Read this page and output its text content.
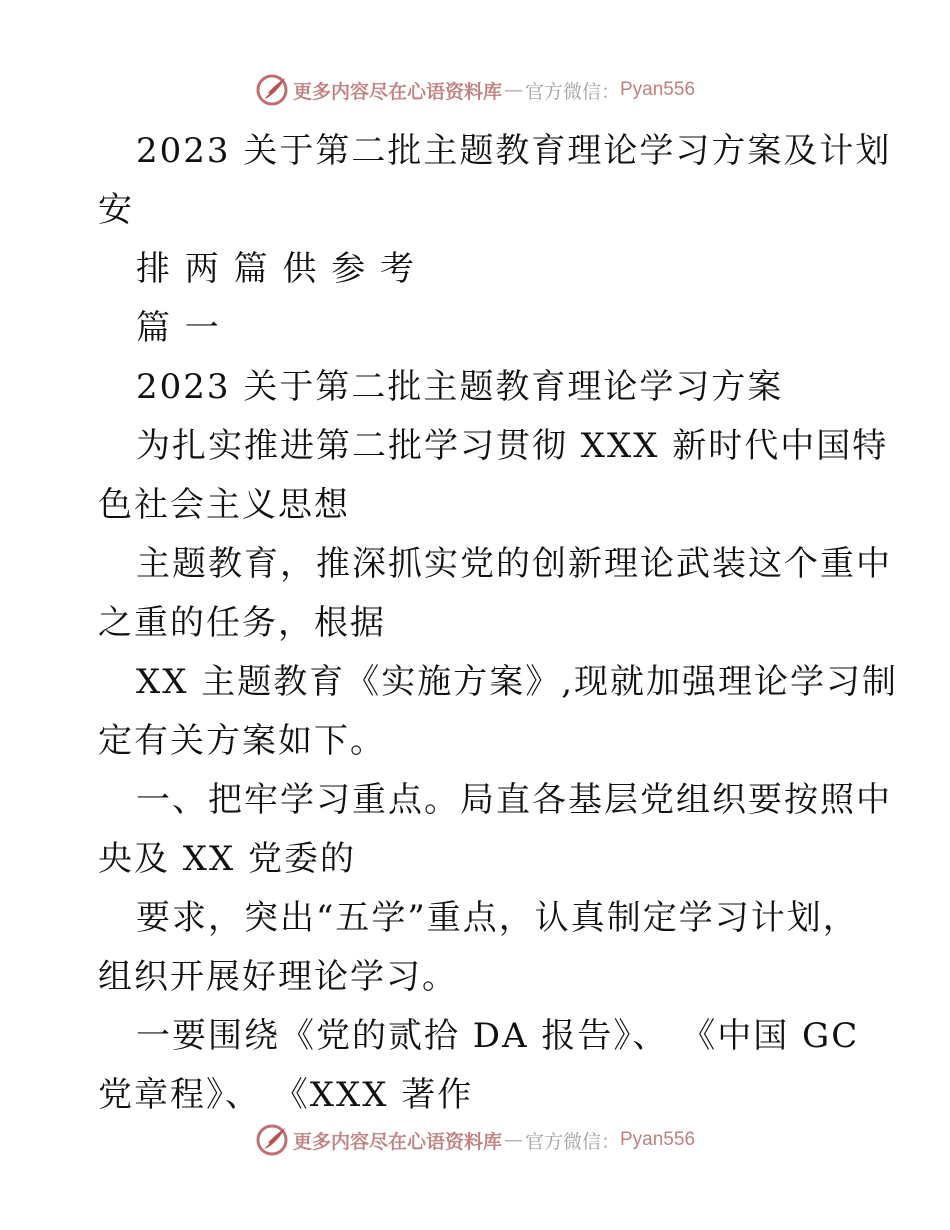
更多内容尽在心语资料库 — 官方微信： Pyan556
2023 关于第二批主题教育理论学习方案及计划
安
排 两 篇 供 参 考
篇 一
2023 关于第二批主题教育理论学习方案
为扎实推进第二批学习贯彻 XXX 新时代中国特
色社会主义思想
主题教育，推深抓实党的创新理论武装这个重中
之重的任务，根据
XX 主题教育《实施方案》,现就加强理论学习制
定有关方案如下。
一、把牢学习重点。局直各基层党组织要按照中
央及 XX 党委的
要求，突出“五学”重点，认真制定学习计划，
组织开展好理论学习。
一要围绕《党的贰拾 DA 报告》、 《中国 GC
党章程》、 《XXX 著作
更多内容尽在心语资料库 — 官方微信： Pyan556
